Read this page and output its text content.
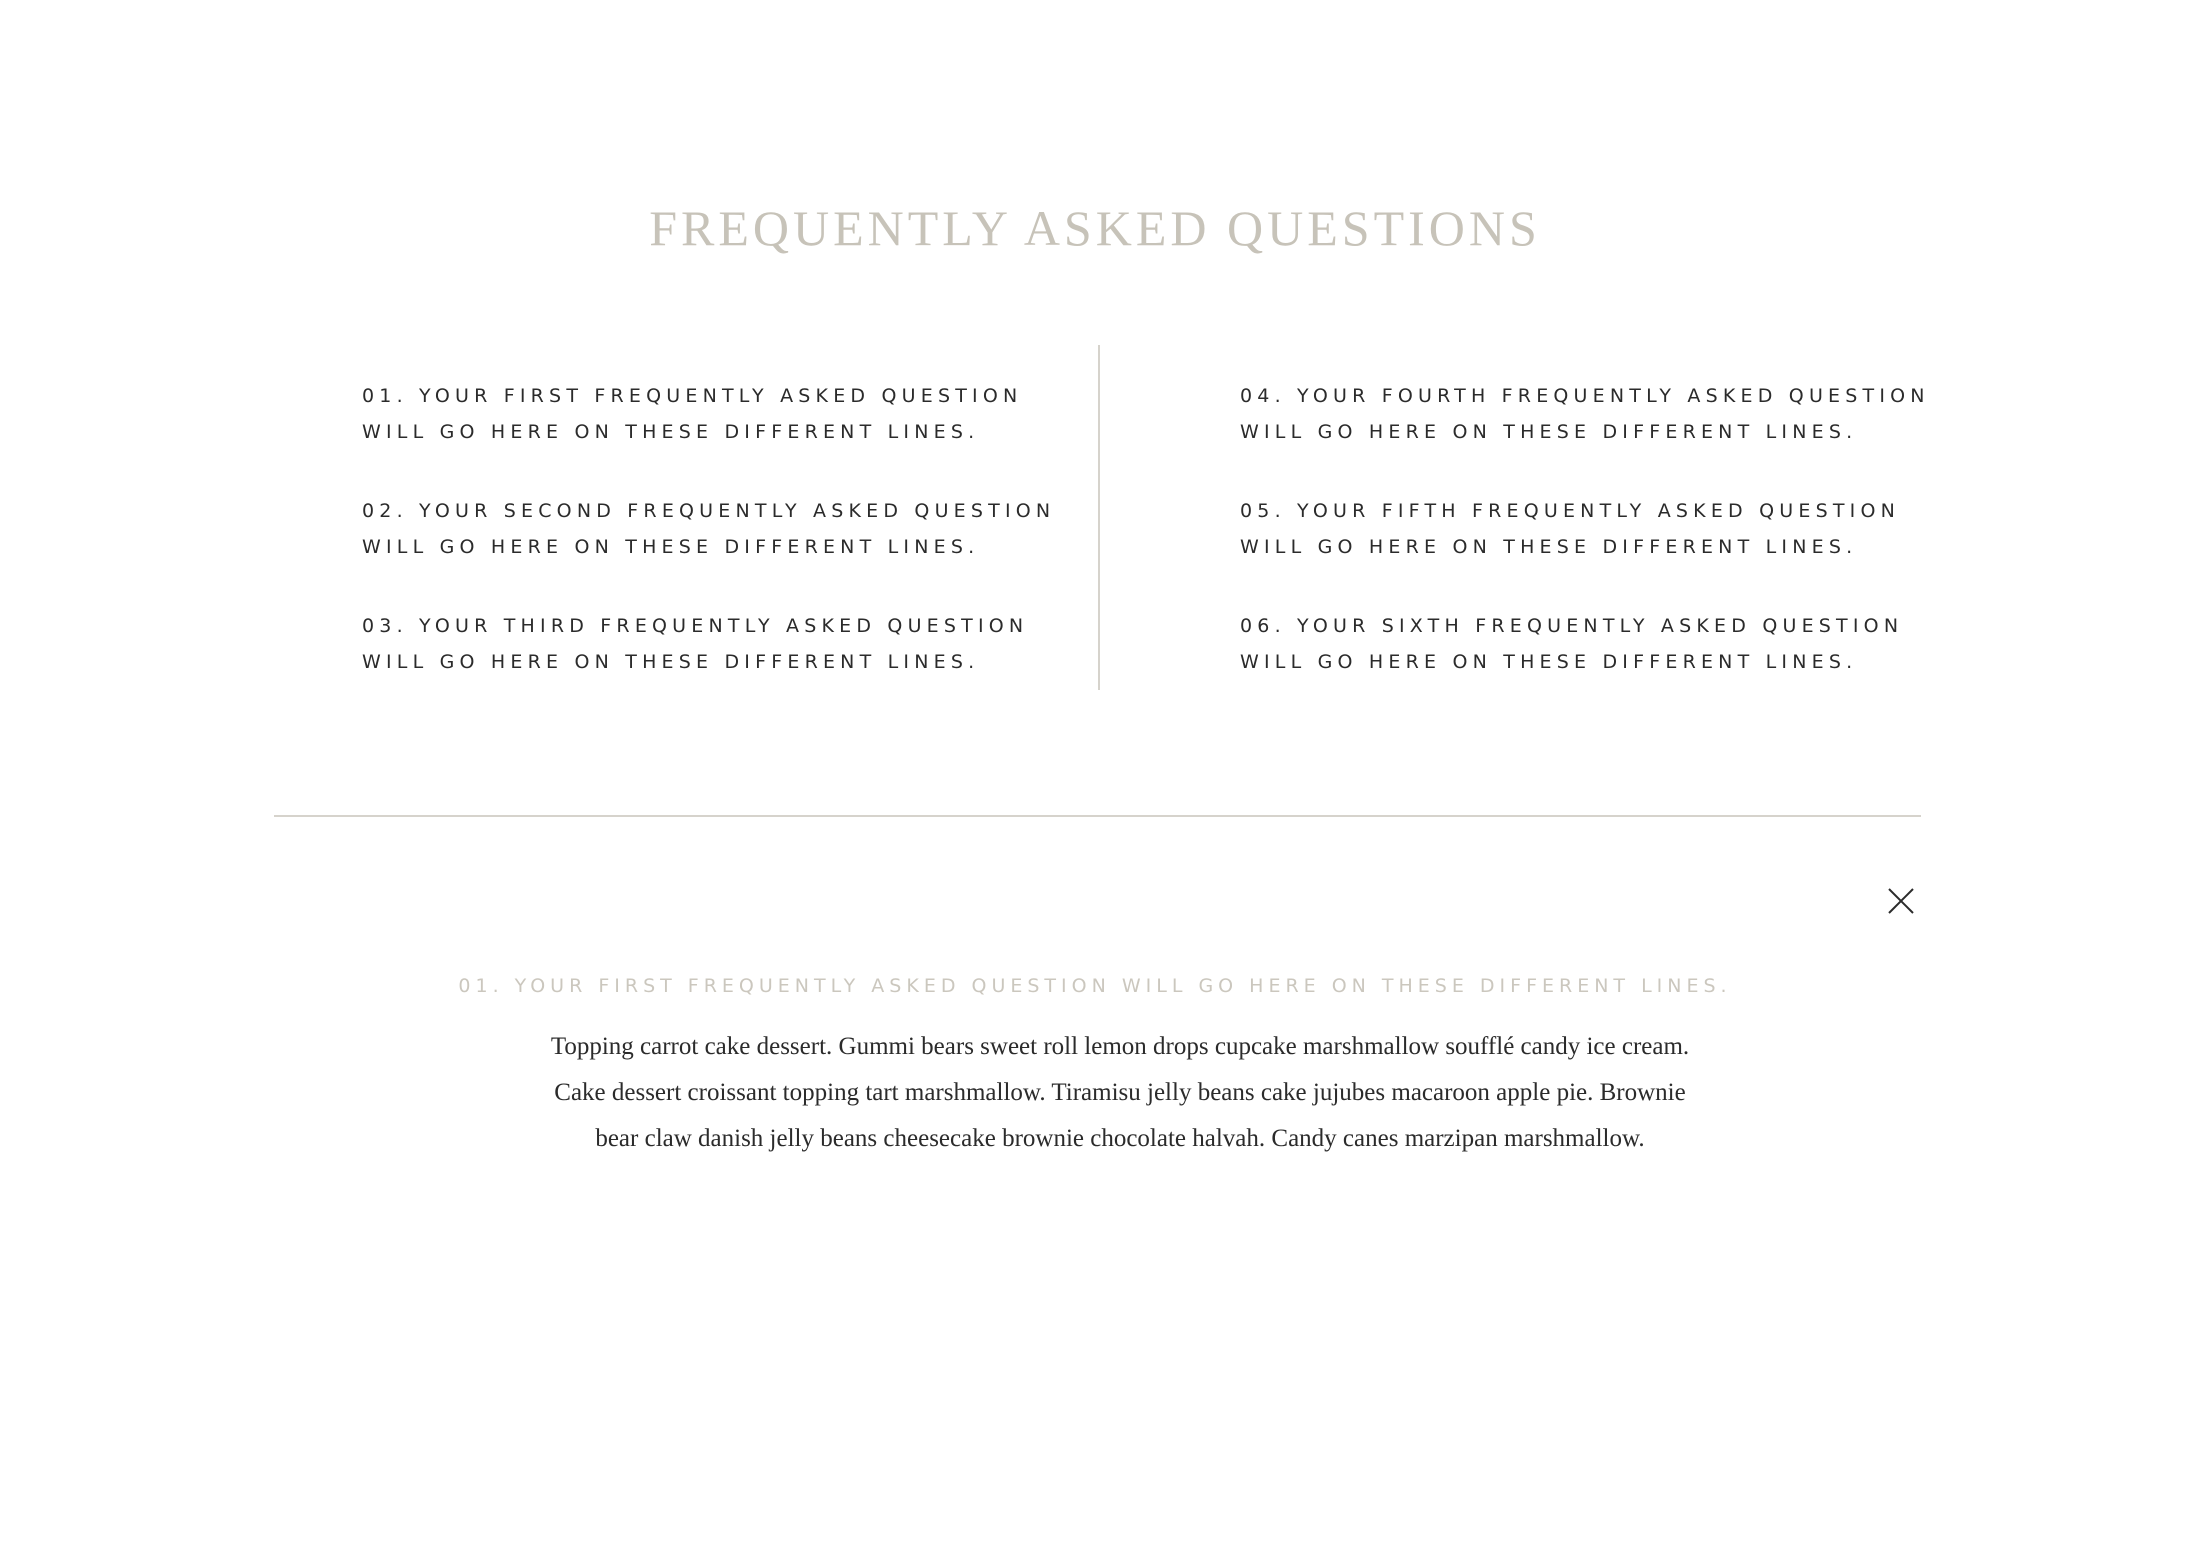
FREQUENTLY ASKED QUESTIONS
01. YOUR FIRST FREQUENTLY ASKED QUESTION
WILL GO HERE ON THESE DIFFERENT LINES.
02. YOUR SECOND FREQUENTLY ASKED QUESTION
WILL GO HERE ON THESE DIFFERENT LINES.
03. YOUR THIRD FREQUENTLY ASKED QUESTION
WILL GO HERE ON THESE DIFFERENT LINES.
04. YOUR FOURTH FREQUENTLY ASKED QUESTION
WILL GO HERE ON THESE DIFFERENT LINES.
05. YOUR FIFTH FREQUENTLY ASKED QUESTION
WILL GO HERE ON THESE DIFFERENT LINES.
06. YOUR SIXTH FREQUENTLY ASKED QUESTION
WILL GO HERE ON THESE DIFFERENT LINES.
01. YOUR FIRST FREQUENTLY ASKED QUESTION WILL GO HERE ON THESE DIFFERENT LINES.

Topping carrot cake dessert. Gummi bears sweet roll lemon drops cupcake marshmallow soufflé candy ice cream. Cake dessert croissant topping tart marshmallow. Tiramisu jelly beans cake jujubes macaroon apple pie. Brownie bear claw danish jelly beans cheesecake brownie chocolate halvah. Candy canes marzipan marshmallow.
